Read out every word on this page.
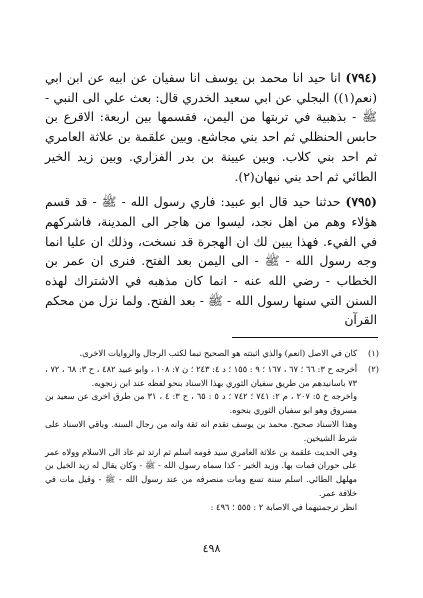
(٧٩٤) انا حيد انا محمد بن يوسف انا سفيان عن ابيه عن ابن ابي (نعم(١)) البجلي عن ابي سعيد الخدري قال: بعث علي الى النبي - ﷺ - بذهبية في تربتها من اليمن، فقسمها بين اربعة: الاقرع بن حابس الحنظلي ثم احد بني مجاشع. وبين علقمة بن علاثة العامري ثم احد بني كلاب. وبين عيينة بن بدر الفزاري. وبين زيد الخير الطائي ثم احد بني نبهان(٢).

(٧٩٥) حدثنا حيد قال ابو عبيد: فاري رسول الله - ﷺ - قد قسم هؤلاء وهم من اهل نجد، ليسوا من هاجر الى المدينة، فاشركهم في الفيء. فهذا يبين لك ان الهجرة قد نسخت، وذلك ان عليا انما وجه رسول الله - ﷺ - الى اليمن بعد الفتح. فنرى ان عمر بن الخطاب - رضي الله عنه - انما كان مذهبه في الاشتراك لهذه السنن التي سنها رسول الله - ﷺ - بعد الفتح. ولما نزل من محكم القرآن

(١)

كان في الاصل (انعم) والذي اثبتته هو الصحيح تبما لكتب الرجال والروايات الاخرى.

(٢)

أخرجه ح ٣: ٦٦ ؛ ٦٧ ، ١٦٧ ؛ ٩ : ١٥٥ ؛ د ٤: ٢٤٣ ؛ ن ٧: ١٠٨ ، وابو عبيد ٤٨٢ ، ح ٣: ٦٨ ، ٧٢ ، ٧٣ باسانيدهم من طريق سفيان الثوري بهذا الاسناد بنحو لفظه عند ابن زنجويه.

واخرجه خ ٥: ٢٠٧ ، م ٢: ٧٤١ ؛ ٧٤٢ ؛ د ٥ : ٦٥ ، ح ٣: ٤ ، ٣١ من طرق اخرى عن سعيد بن مسروق وهو ابو سفيان الثوري بنحوه.

وهذا الاسناد صحيح. محمد بن يوسف تقدم انه ثقة وانه من رجال السنة. وباقي الاسناد على شرط الشيخين.

وفي الحديث علقمة بن علاثة العامري سيد قومه اسلم ثم ارتد ثم عاد الى الاسلام وولاه عمر على حوران فمات بها. وزيد الخير - كذا سماه رسول الله - ﷺ - وكان يقال له زيد الخيل بن مهلهل الطائي. اسلم سنة تسع ومات منصرفه من عند رسول الله - ﷺ - وقيل مات في خلافة عمر.

انظر ترجمتيهما في الاصابة ٢ : ٥٥٥ ؛ ٤٩٦ :

٤٩٨
